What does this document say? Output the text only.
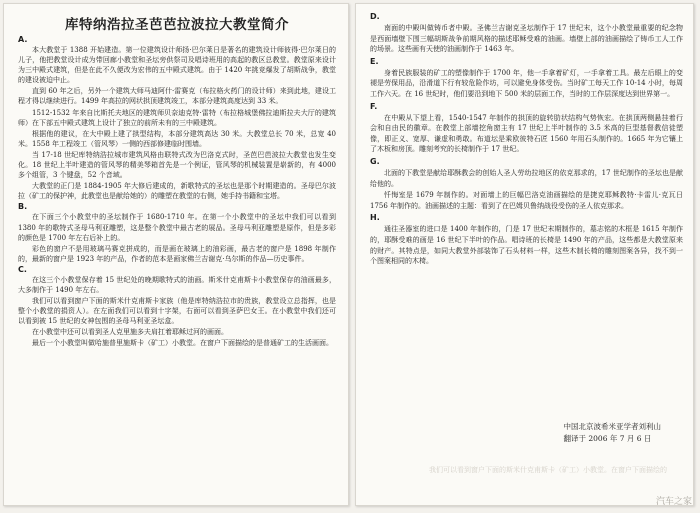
库特纳浩拉圣芭芭拉波拉大教堂简介
A.

本大教堂于 1388 开始建造。第一位建筑设计师扬·巴尔莱日是著名的建筑设计师彼得·巴尔莱日的儿子，他把教堂设计成为带回廊小教堂和圣坛旁供祭司及唱诗班用的高起的教区总教堂。教堂原来设计为三中殿式建筑，但是在此不久便改为宏伟的五中殿式建筑。由于 1420 年挑竞爆发了胡斯战争，教堂的建设被迫中止。

直到 60 年之后，另外一个建筑大师马迪阿什·雷赛克（布拉格火药门的设计师）来到此地，建设工程才得以继续进行。1499 年高拉的网状拱顶建筑竣工，本部分建筑高度达到 33 米。

1512-1532 年来自比斯托夫地区的建筑师贝奈迪克特·雷特（布拉格城堡佛拉迪斯拉夫大厅的建筑师）在下部五中殿式建筑上设计了独立的前所未有的三中殿建筑。

根据他的建议，在大中殿上建了拱型结构，本部分建筑高达 30 米。大教堂总长 70 米，总宽 40 米。1558 年工程竣工（管风琴）一侧的西部修建临时围墙。

当 17-18 世纪库特纳浩拉城市建筑风格由联特式改为巴洛克式时，圣芭巴芭波拉大教堂也发生变化。18 世纪上半叶建造的管风琴的精美琴箱首先是一个例证，管风琴的机械装置是崭新的，有 4000 多个组管，3 个键盘，52 个音域。

大教堂的正门是 1884-1905 年大修后建成的，新歌特式的圣坛也是那个时期建造的。圣母巴尔波拉（矿工的保护神，此教堂也是献给她的）的雕塑在教堂的右侧，她手持书籍和宝塔。

B.

在下面三个小教堂中的圣坛制作于 1680-1710 年。在第一个小教堂中的圣坛中我们可以看到 1380 年的歌特式圣母马利亚雕塑，这是整个教堂中最古老的展品。圣母马利亚雕塑是原作，但是多彩的颜色是 1700 年左右后补上的。

彩色的窗户不是用玻璃马赛克拼成的，而是画在玻璃上的油彩画，最古老的窗户是 1898 年制作的，最新的窗户是 1923 年的产品，作者的范本是画家佛兰吉谢克·乌尔斯的作品—历史事件。

C.

在这三个小教堂保存着 15 世纪处的晚期歌特式的油画。斯米什克甫斯卡小教堂保存的油画最多，大多制作于 1490 年左右。

我们可以看到窗户下面的斯米什克甫斯卡家族（他是库特纳浩拉市的贵族，教堂设立总指挥，也是整个小教堂的捐资人）。在左面我们可以看到十字架，右面可以看到圣萨巴女王。在小教堂中我们还可以看到被 15 世纪的女神包围的圣母马利亚圣坛盒。

在小教堂中还可以看到圣人克里施多夫肩扛着耶稣过河的画面。

最后一个小教堂叫做哈施普里施斯卡（矿工）小教堂。在窗户下面描绘的是普通矿工的生活画面。

D.

南面的中殿叫做铸币者中殿。圣佛兰吉谢克圣坛制作于 17 世纪末，这个小教堂最重要的纪念物是西面墙壁下围三幅胡斯战争前期风格的描述耶稣受难的油画。墙壁上部的油画描绘了铸币工人工作的场景。这些画有天使的油画制作于 1463 年。

E.

身着民族服装的矿工的塑像制作于 1700 年，他一手拿着矿灯，一手拿着工具。最左后眼上的变褪是劳保用品，沿滑道下行有较危险作坊，可以避免身体受伤。当时矿工每天工作 10-14 小时，每周工作六天。在 16 世纪时，他们要沿到地下 500 米的层面工作，当时的工作层深度达到世界第一。

F.

在中殿从下望上看，1540-1547 年制作的拱顶的旋转肋状结构气势恢宏。在拱顶两侧悬挂着行会和自由民的徽章。在教堂上部墙挖角窗主有 17 世纪上半叶制作的 3.5 米高的巨型基督教信徒塑像，即正义、宽厚、谦虚和勇敢。布道坛是乘欧彼特石匠 1560 年用石头制作的。1665 年为它镶上了木板和房顶。雕刻考究的长椅制作于 17 世纪。

G.

北面的下教堂是献给耶酥教会的创始人圣人劳幼拉地区的依克那求的，17 世纪制作的圣坛也是献给他的。

忏悔室是 1679 年制作的。对面墙上的巨幅巴洛克油画描绘的是捷克耶稣教特·卡雷儿·克瓦日 1756 年制作的。油画描述的主题：看到了在巴姆贝鲁纳战役受伤的圣人依克那求。

H.

通往圣器室的进口是 1400 年制作的，门是 17 世纪末期制作的，墓志铭的木框是 1615 年制作的，耶酥受难的画是 16 世纪下半叶的作品。唱诗班的长椅是 1490 年的产品，这些都是大教堂原来的财产。其特点是，如同大教堂外部装饰了石头材料一样，这些木制长椅的雕刻图案各异，找不到一个图案相同的木椅。

我们可以看到窗户下面的斯米什克甫斯卡（矿工）小教堂。在窗户下面描绘的
中国北京波希米亚学者刘利山
翻译于 2006 年 7 月 6 日
汽车之家
